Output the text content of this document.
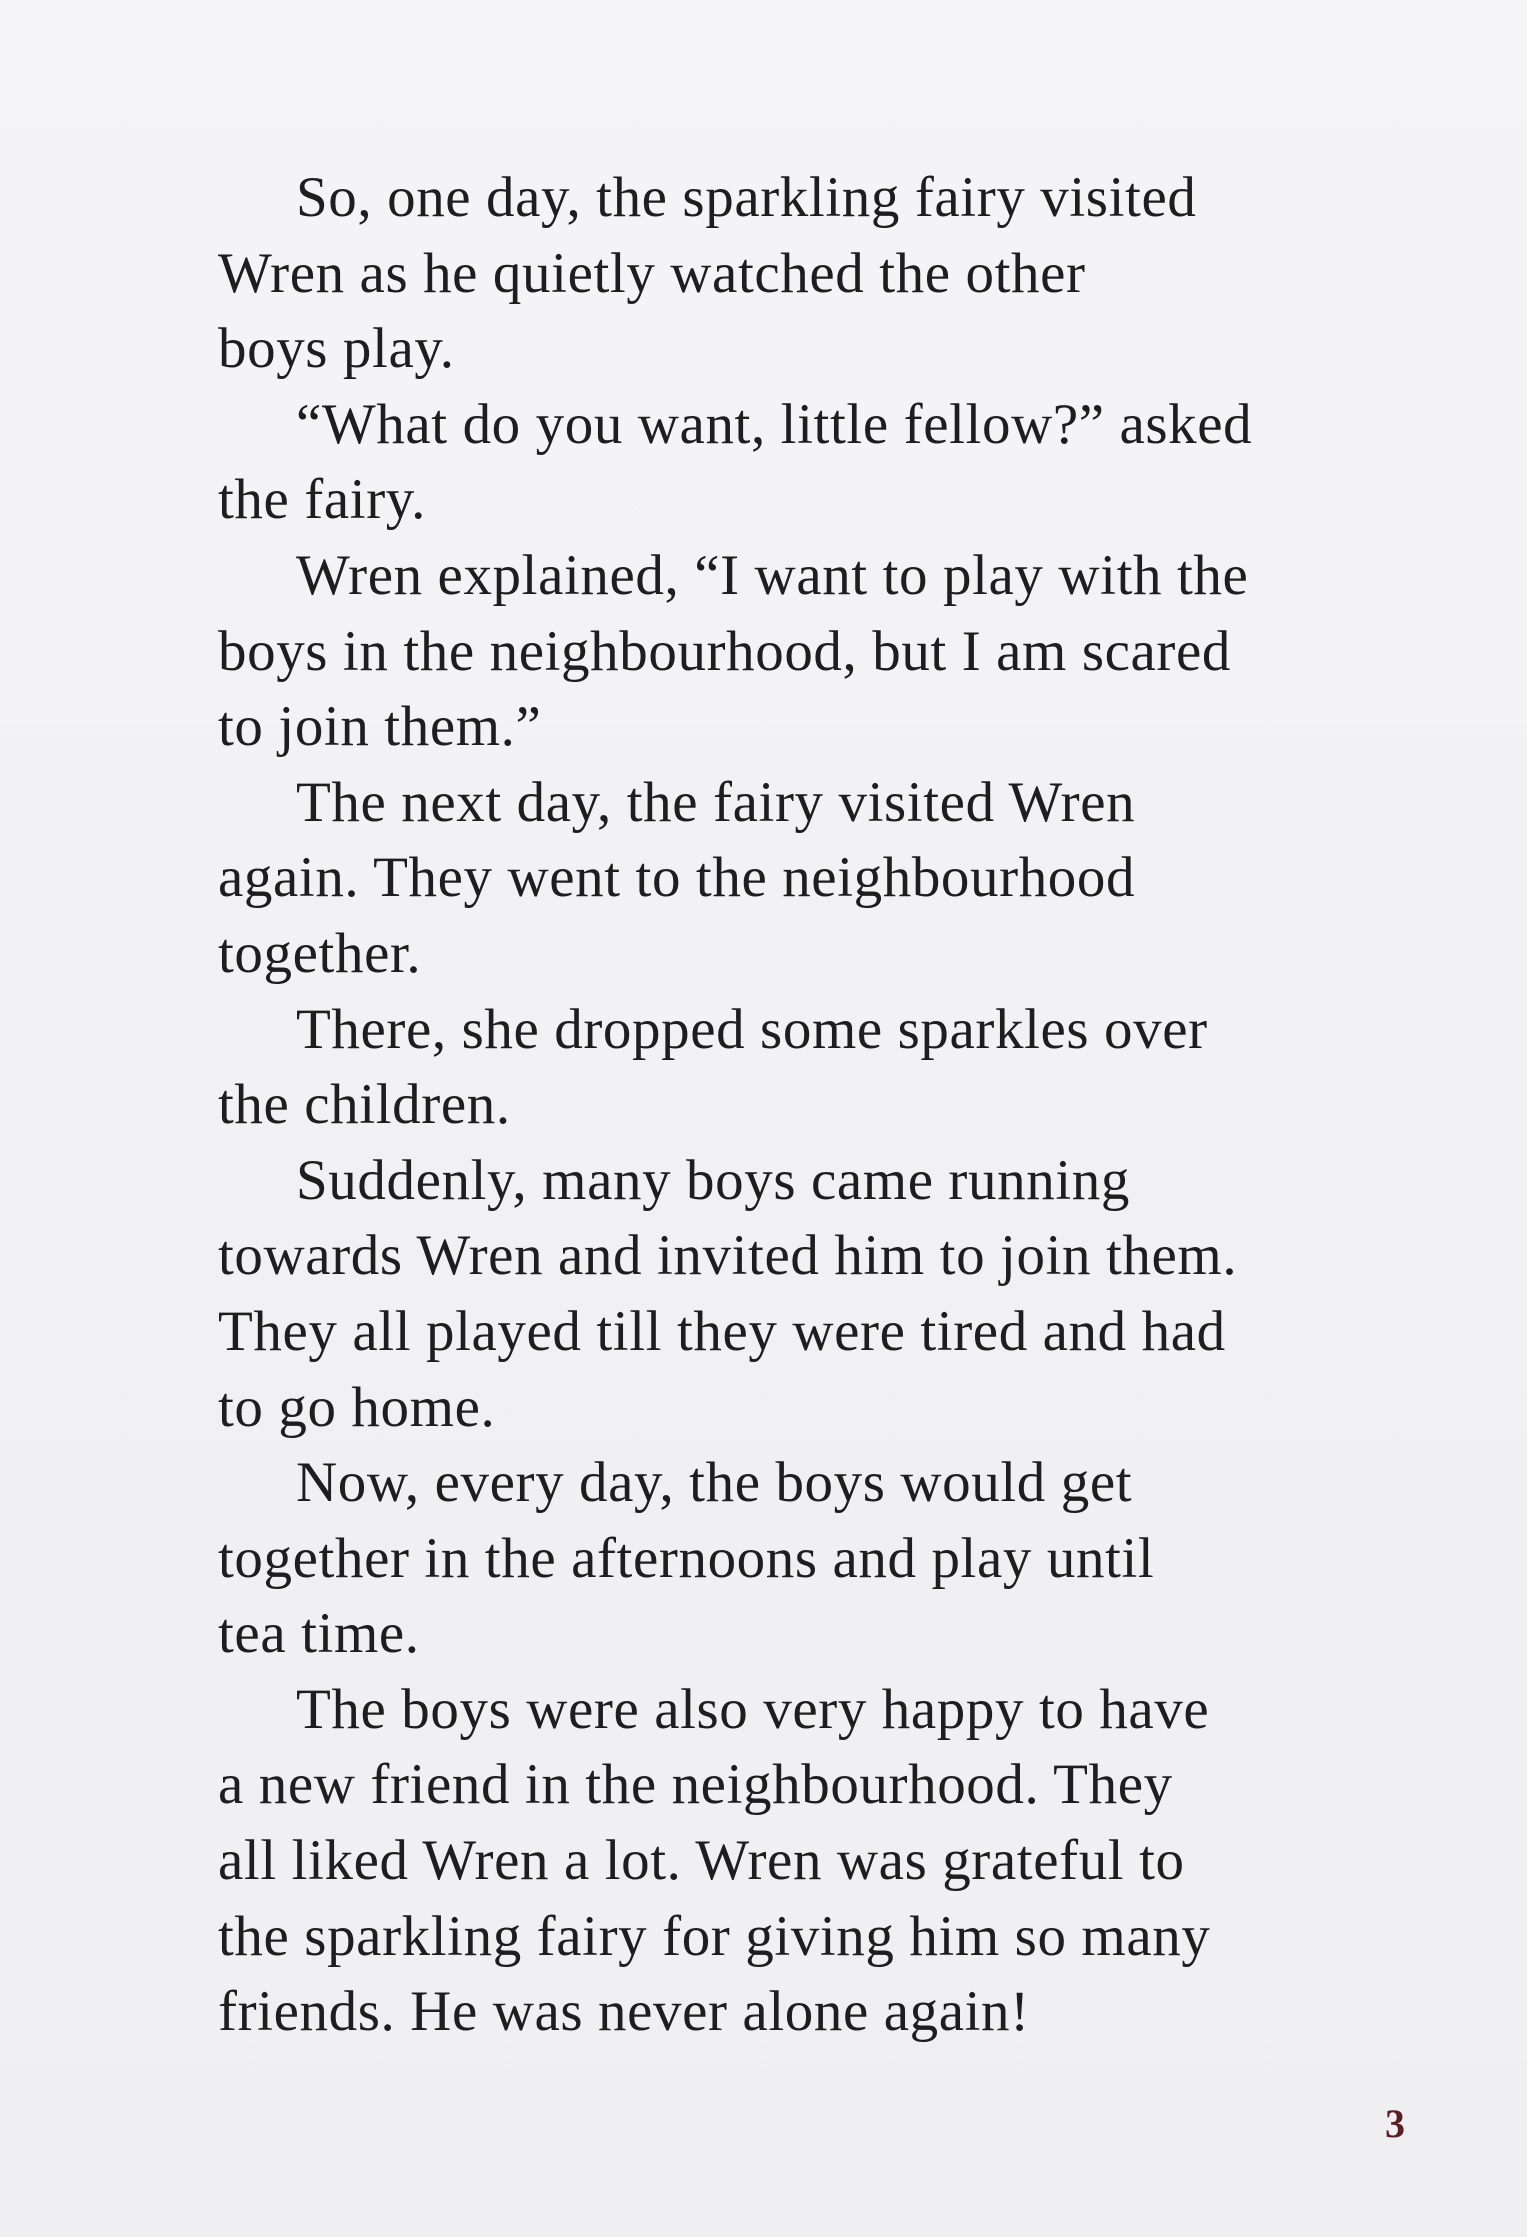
So, one day, the sparkling fairy visited
Wren as he quietly watched the other
boys play.
“What do you want, little fellow?” asked
the fairy.
Wren explained, “I want to play with the
boys in the neighbourhood, but I am scared
to join them.”
The next day, the fairy visited Wren
again. They went to the neighbourhood
together.
There, she dropped some sparkles over
the children.
Suddenly, many boys came running
towards Wren and invited him to join them.
They all played till they were tired and had
to go home.
Now, every day, the boys would get
together in the afternoons and play until
tea time.
The boys were also very happy to have
a new friend in the neighbourhood. They
all liked Wren a lot. Wren was grateful to
the sparkling fairy for giving him so many
friends. He was never alone again!
3
